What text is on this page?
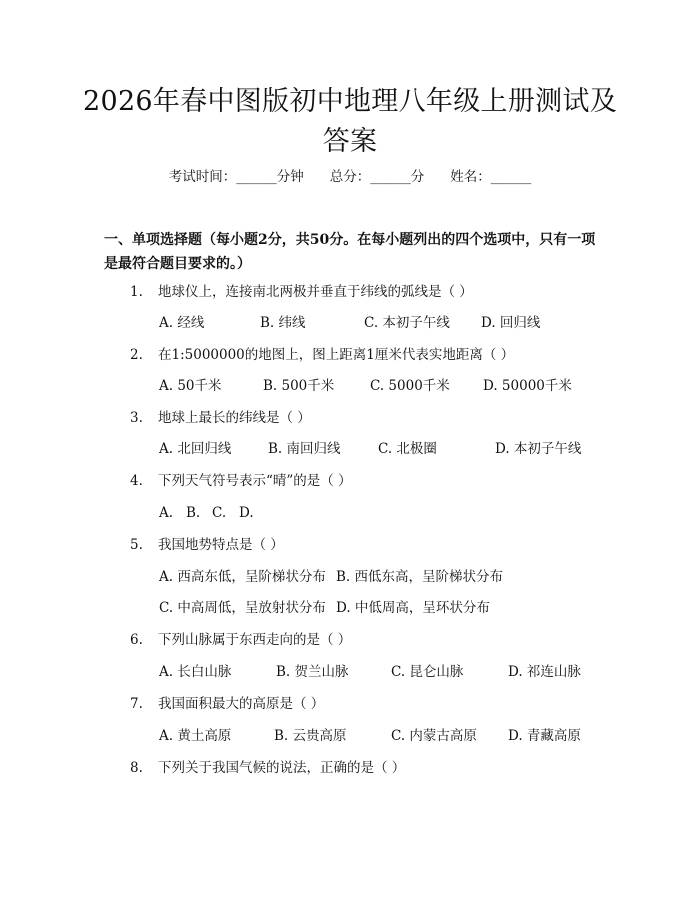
2026年春中图版初中地理八年级上册测试及
答案
考试时间：______分钟 总分：______分 姓名：______
一、单项选择题（每小题2分，共50分。在每小题列出的四个选项中，只有一项是最符合题目要求的。）
1. 地球仪上，连接南北两极并垂直于纬线的弧线是（ ）
A. 经线	B. 纬线	C. 本初子午线 D. 回归线
2. 在1:5000000的地图上，图上距离1厘米代表实地距离（ ）
A. 50千米	B. 500千米	C. 5000千米 D. 50000千米
3. 地球上最长的纬线是（ ）
A. 北回归线	B. 南回归线	C. 北极圈	D. 本初子午线
4. 下列天气符号表示“晴”的是（ ）
A. B. C. D.
5. 我国地势特点是（ ）
A. 西高东低，呈阶梯状分布 B. 西低东高，呈阶梯状分布
C. 中高周低，呈放射状分布 D. 中低周高，呈环状分布
6. 下列山脉属于东西走向的是（ ）
A. 长白山脉	B. 贺兰山脉	C. 昆仑山脉	D. 祁连山脉
7. 我国面积最大的高原是（ ）
A. 黄土高原	B. 云贵高原	C. 内蒙古高原 D. 青藏高原
8. 下列关于我国气候的说法，正确的是（ ）
